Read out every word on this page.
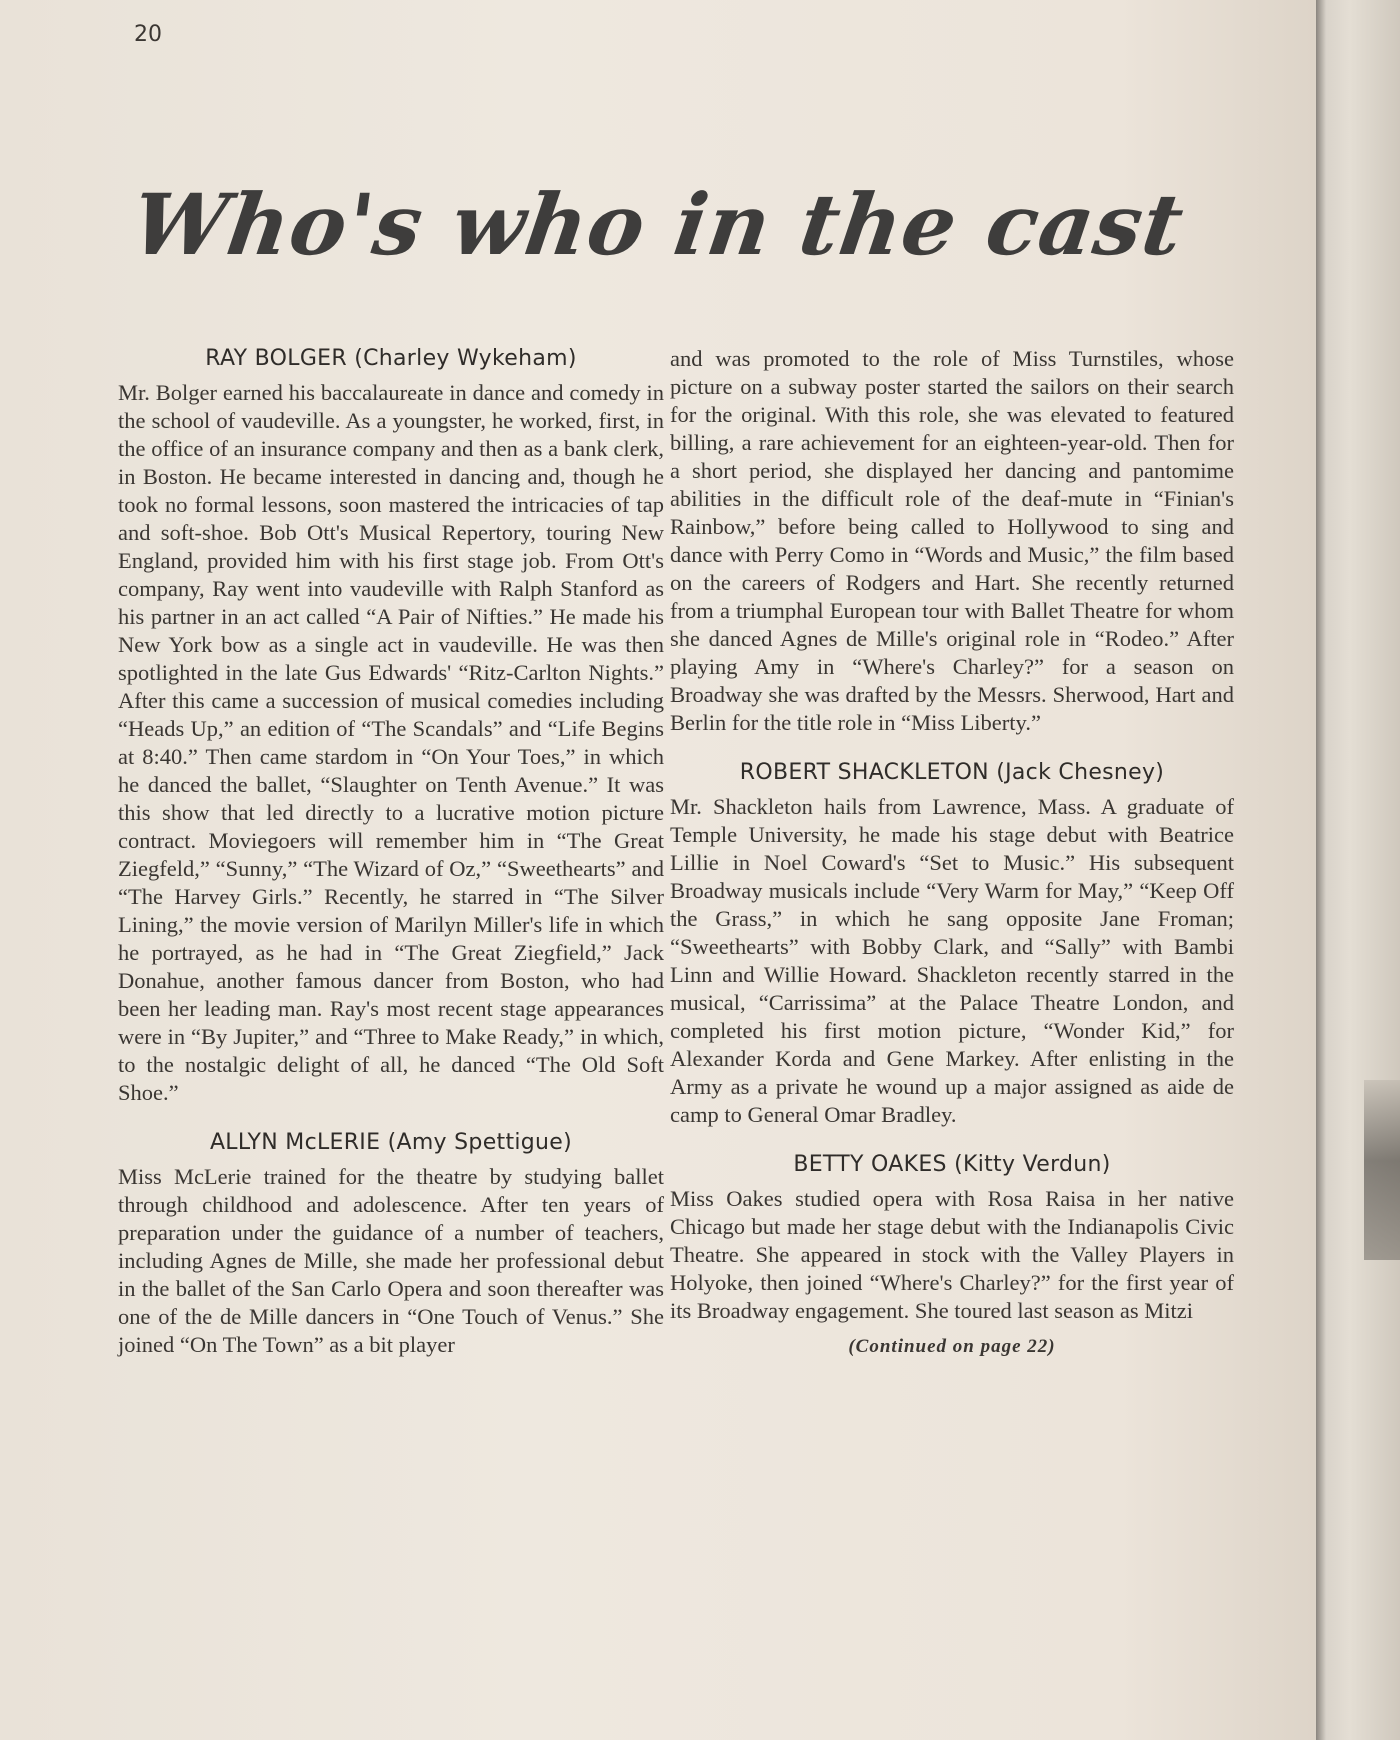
20
Who's who in the cast
RAY BOLGER (Charley Wykeham)

Mr. Bolger earned his baccalaureate in dance and comedy in the school of vaudeville. As a youngster, he worked, first, in the office of an insurance company and then as a bank clerk, in Boston. He became interested in dancing and, though he took no formal lessons, soon mastered the intricacies of tap and soft-shoe. Bob Ott's Musical Repertory, touring New England, provided him with his first stage job. From Ott's company, Ray went into vaudeville with Ralph Stanford as his partner in an act called “A Pair of Nifties.” He made his New York bow as a single act in vaudeville. He was then spotlighted in the late Gus Edwards' “Ritz-Carlton Nights.” After this came a succession of musical comedies including “Heads Up,” an edition of “The Scandals” and “Life Begins at 8:40.” Then came stardom in “On Your Toes,” in which he danced the ballet, “Slaughter on Tenth Avenue.” It was this show that led directly to a lucrative motion picture contract. Moviegoers will remember him in “The Great Ziegfeld,” “Sunny,” “The Wizard of Oz,” “Sweethearts” and “The Harvey Girls.” Recently, he starred in “The Silver Lining,” the movie version of Marilyn Miller's life in which he portrayed, as he had in “The Great Ziegfield,” Jack Donahue, another famous dancer from Boston, who had been her leading man. Ray's most recent stage appearances were in “By Jupiter,” and “Three to Make Ready,” in which, to the nostalgic delight of all, he danced “The Old Soft Shoe.”

ALLYN McLERIE (Amy Spettigue)

Miss McLerie trained for the theatre by studying ballet through childhood and adolescence. After ten years of preparation under the guidance of a number of teachers, including Agnes de Mille, she made her professional debut in the ballet of the San Carlo Opera and soon thereafter was one of the de Mille dancers in “One Touch of Venus.” She joined “On The Town” as a bit player

and was promoted to the role of Miss Turnstiles, whose picture on a subway poster started the sailors on their search for the original. With this role, she was elevated to featured billing, a rare achievement for an eighteen-year-old. Then for a short period, she displayed her dancing and pantomime abilities in the difficult role of the deaf-mute in “Finian's Rainbow,” before being called to Hollywood to sing and dance with Perry Como in “Words and Music,” the film based on the careers of Rodgers and Hart. She recently returned from a triumphal European tour with Ballet Theatre for whom she danced Agnes de Mille's original role in “Rodeo.” After playing Amy in “Where's Charley?” for a season on Broadway she was drafted by the Messrs. Sherwood, Hart and Berlin for the title role in “Miss Liberty.”

ROBERT SHACKLETON (Jack Chesney)

Mr. Shackleton hails from Lawrence, Mass. A graduate of Temple University, he made his stage debut with Beatrice Lillie in Noel Coward's “Set to Music.” His subsequent Broadway musicals include “Very Warm for May,” “Keep Off the Grass,” in which he sang opposite Jane Froman; “Sweethearts” with Bobby Clark, and “Sally” with Bambi Linn and Willie Howard. Shackleton recently starred in the musical, “Carrissima” at the Palace Theatre London, and completed his first motion picture, “Wonder Kid,” for Alexander Korda and Gene Markey. After enlisting in the Army as a private he wound up a major assigned as aide de camp to General Omar Bradley.

BETTY OAKES (Kitty Verdun)

Miss Oakes studied opera with Rosa Raisa in her native Chicago but made her stage debut with the Indianapolis Civic Theatre. She appeared in stock with the Valley Players in Holyoke, then joined “Where's Charley?” for the first year of its Broadway engagement. She toured last season as Mitzi

(Continued on page 22)
